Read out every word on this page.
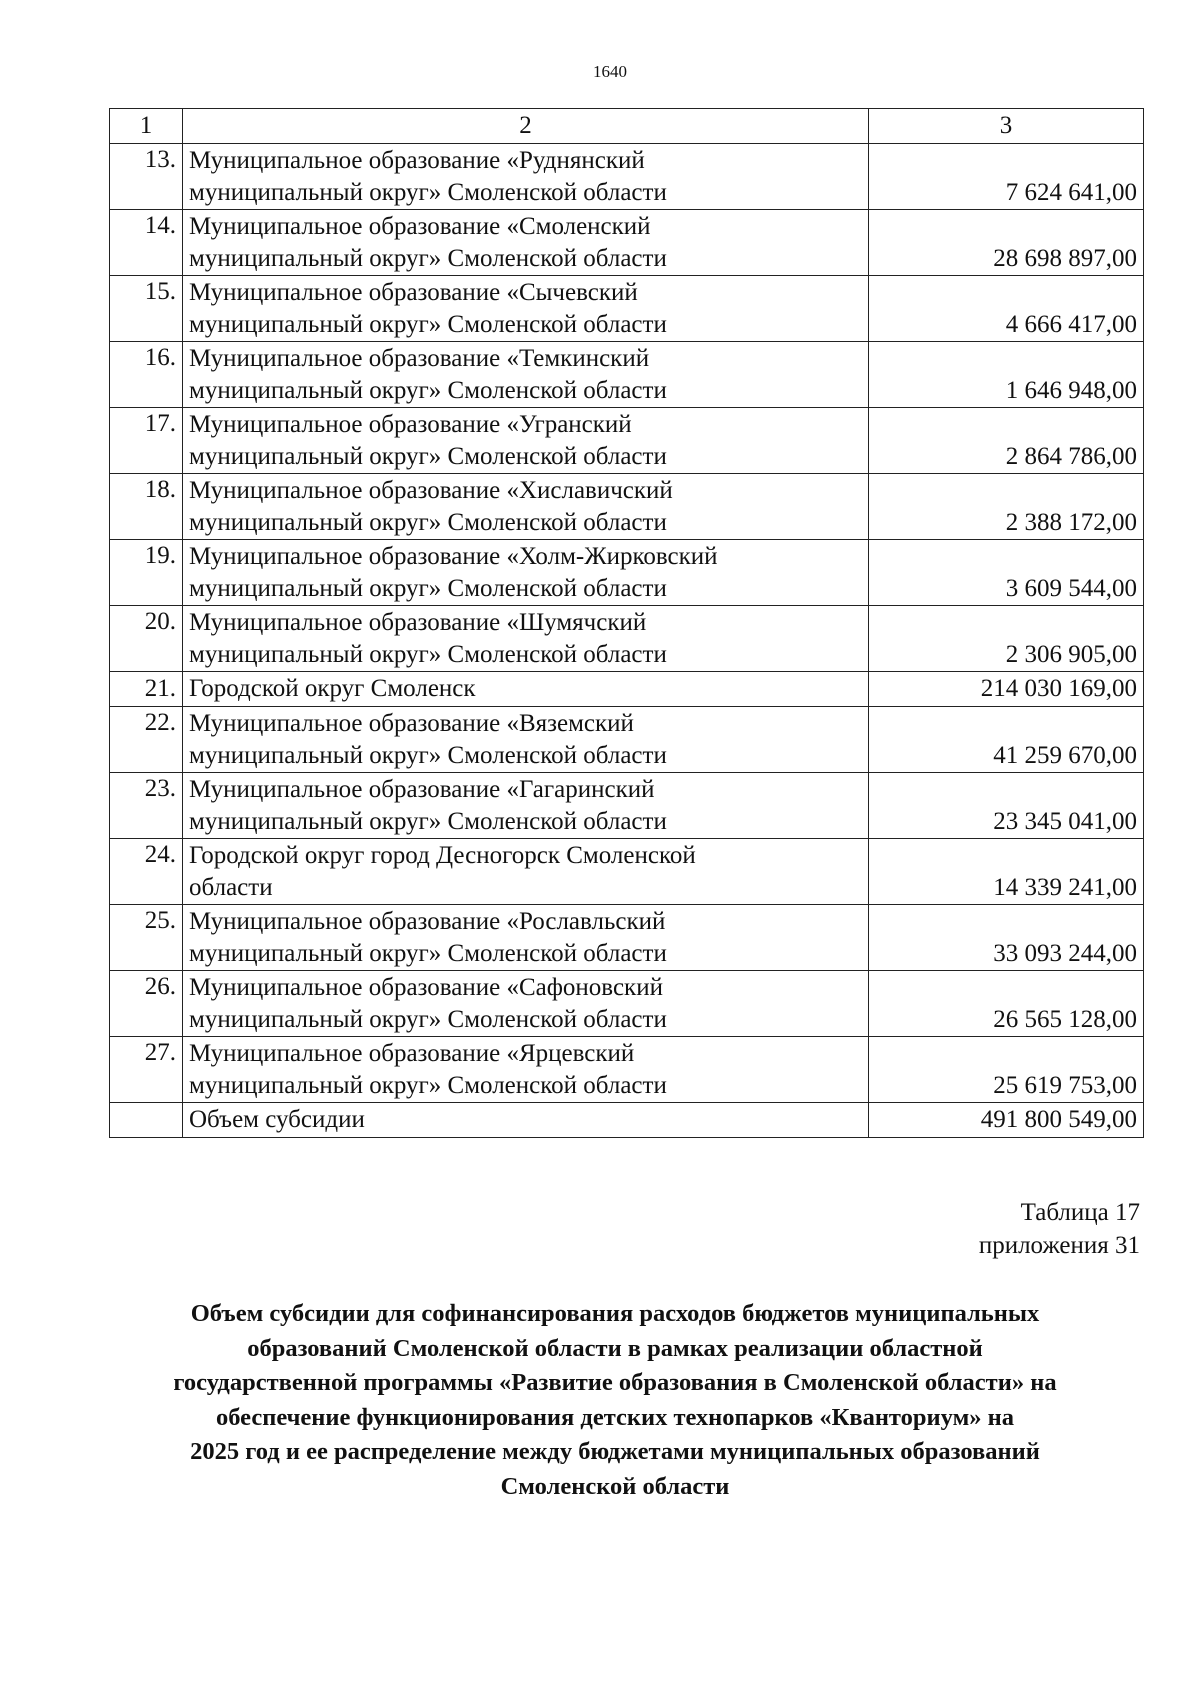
1640
1	2	3
13.	Муниципальное образование «Руднянский
муниципальный округ» Смоленской области	7 624 641,00
14.	Муниципальное образование «Смоленский
муниципальный округ» Смоленской области	28 698 897,00
15.	Муниципальное образование «Сычевский
муниципальный округ» Смоленской области	4 666 417,00
16.	Муниципальное образование «Темкинский
муниципальный округ» Смоленской области	1 646 948,00
17.	Муниципальное образование «Угранский
муниципальный округ» Смоленской области	2 864 786,00
18.	Муниципальное образование «Хиславичский
муниципальный округ» Смоленской области	2 388 172,00
19.	Муниципальное образование «Холм-Жирковский
муниципальный округ» Смоленской области	3 609 544,00
20.	Муниципальное образование «Шумячский
муниципальный округ» Смоленской области	2 306 905,00
21.	Городской округ Смоленск	214 030 169,00
22.	Муниципальное образование «Вяземский
муниципальный округ» Смоленской области	41 259 670,00
23.	Муниципальное образование «Гагаринский
муниципальный округ» Смоленской области	23 345 041,00
24.	Городской округ город Десногорск Смоленской
области	14 339 241,00
25.	Муниципальное образование «Рославльский
муниципальный округ» Смоленской области	33 093 244,00
26.	Муниципальное образование «Сафоновский
муниципальный округ» Смоленской области	26 565 128,00
27.	Муниципальное образование «Ярцевский
муниципальный округ» Смоленской области	25 619 753,00
	Объем субсидии	491 800 549,00
Таблица 17
приложения 31
Объем субсидии для софинансирования расходов бюджетов муниципальных
образований Смоленской области в рамках реализации областной
государственной программы «Развитие образования в Смоленской области» на
обеспечение функционирования детских технопарков «Кванториум» на
2025 год и ее распределение между бюджетами муниципальных образований
Смоленской области
